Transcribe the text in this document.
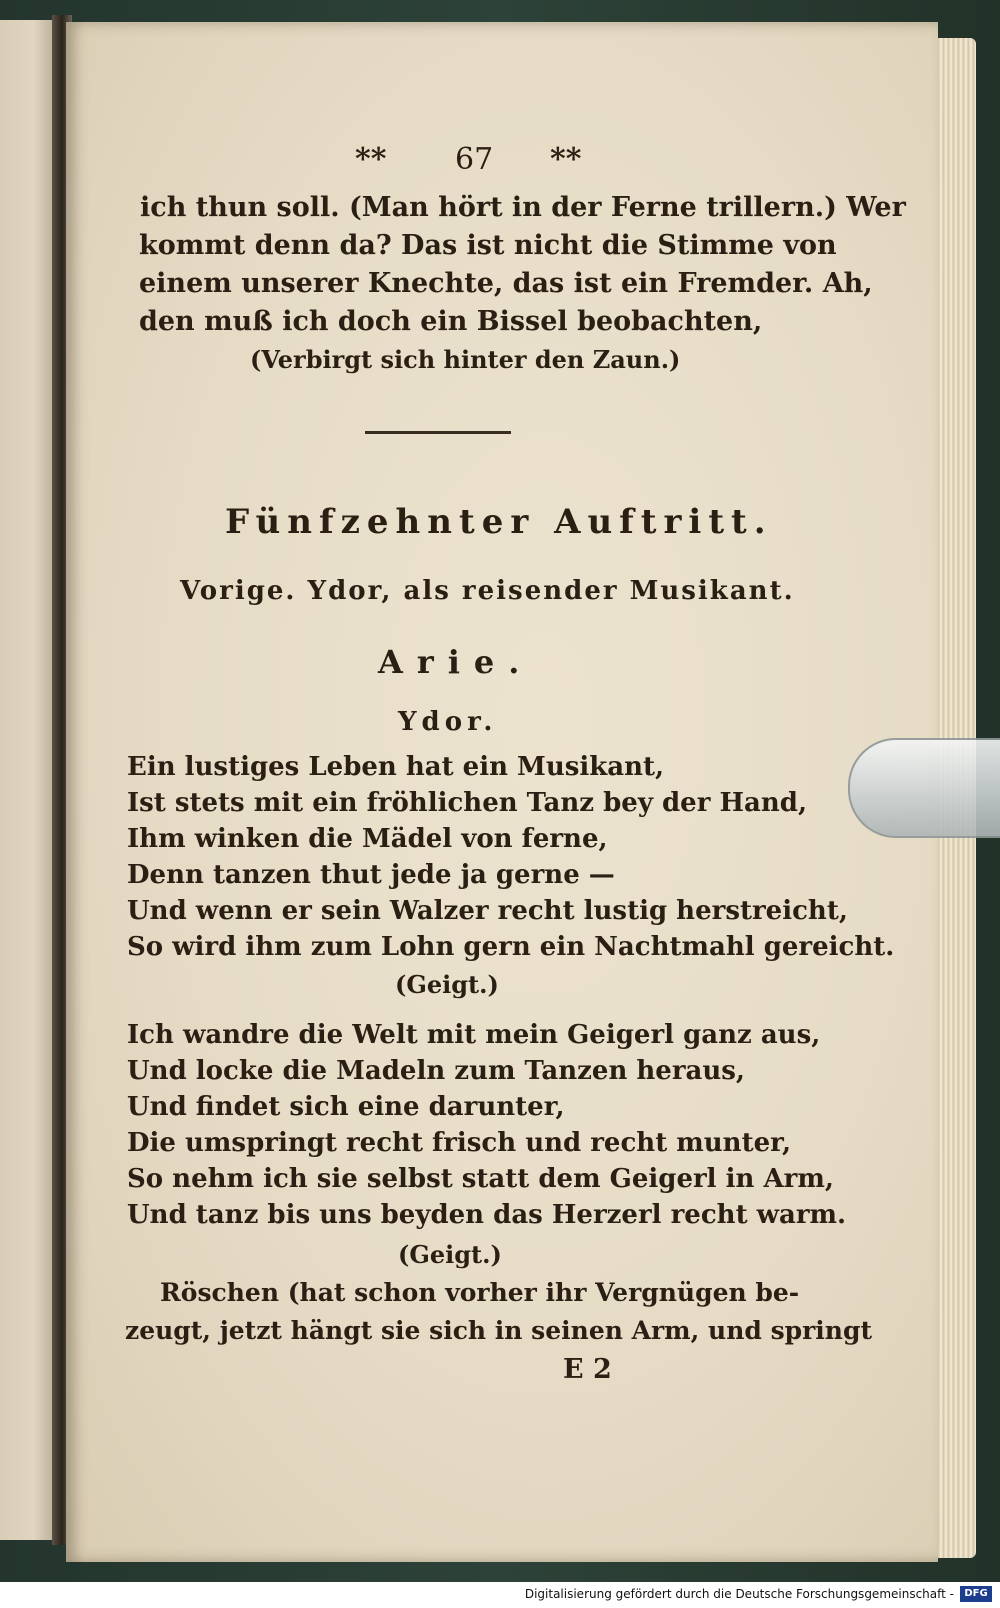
** 67 **
ich thun soll. (Man hört in der Ferne trillern.) Wer
kommt denn da? Das ist nicht die Stimme von
einem unserer Knechte, das ist ein Fremder. Ah,
den muß ich doch ein Bissel beobachten,
(Verbirgt sich hinter den Zaun.)
Fünfzehnter Auftritt.
Vorige. Ydor, als reisender Musikant.
Arie.
Ydor.
Ein lustiges Leben hat ein Musikant,
Ist stets mit ein fröhlichen Tanz bey der Hand,
Ihm winken die Mädel von ferne,
Denn tanzen thut jede ja gerne —
Und wenn er sein Walzer recht lustig herstreicht,
So wird ihm zum Lohn gern ein Nachtmahl gereicht.
(Geigt.)
Ich wandre die Welt mit mein Geigerl ganz aus,
Und locke die Madeln zum Tanzen heraus,
Und findet sich eine darunter,
Die umspringt recht frisch und recht munter,
So nehm ich sie selbst statt dem Geigerl in Arm,
Und tanz bis uns beyden das Herzerl recht warm.
(Geigt.)
Röschen (hat schon vorher ihr Vergnügen be-
zeugt, jetzt hängt sie sich in seinen Arm, und springt
E 2
Digitalisierung gefördert durch die Deutsche Forschungsgemeinschaft -	DFG
